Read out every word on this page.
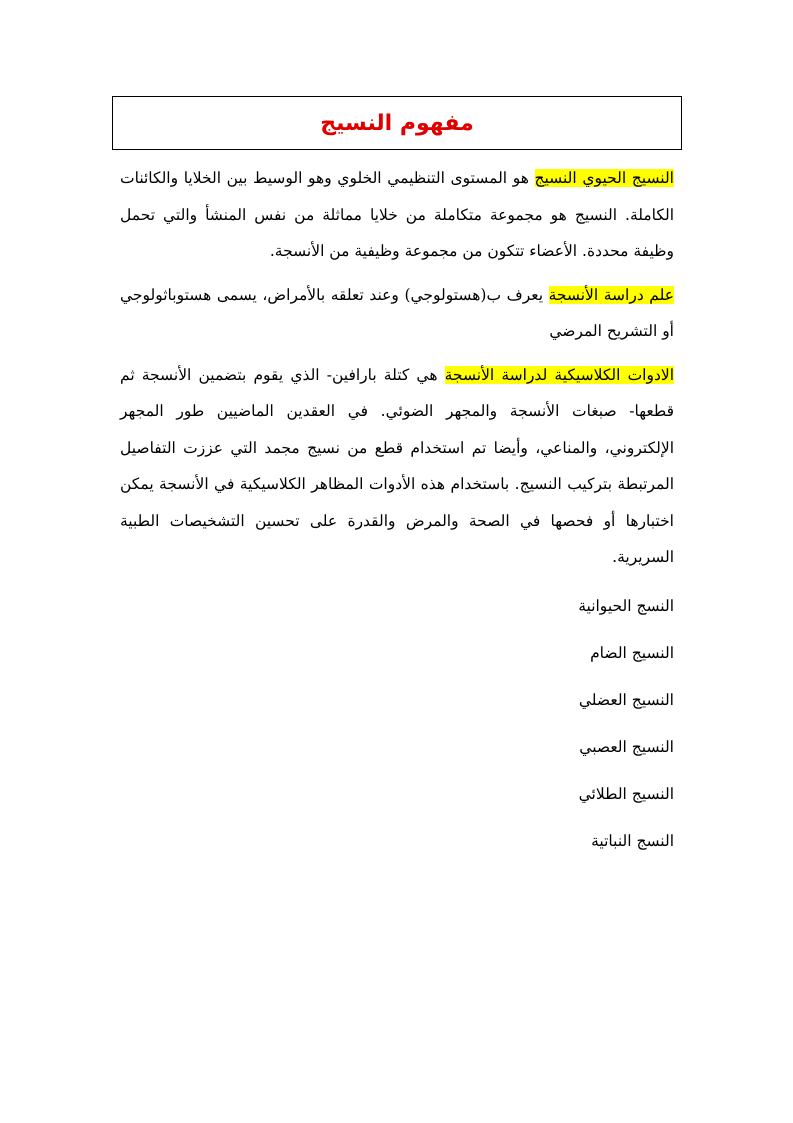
مفهوم النسيج

النسيج الحيوي النسيج هو المستوى التنظيمي الخلوي وهو الوسيط بين الخلايا والكائنات الكاملة. النسيج هو مجموعة متكاملة من خلايا مماثلة من نفس المنشأ والتي تحمل وظيفة محددة. الأعضاء تتكون من مجموعة وظيفية من الأنسجة.

علم دراسة الأنسجة يعرف ب(هستولوجي) وعند تعلقه بالأمراض، يسمى هستوباثولوجي أو التشريح المرضي

الادوات الكلاسيكية لدراسة الأنسجة هي كتلة بارافين- الذي يقوم بتضمين الأنسجة ثم قطعها- صبغات الأنسجة والمجهر الضوئي. في العقدين الماضيين طور المجهر الإلكتروني، والمناعي، وأيضا تم استخدام قطع من نسيج مجمد التي عززت التفاصيل المرتبطة بتركيب النسيج. باستخدام هذه الأدوات المظاهر الكلاسيكية في الأنسجة يمكن اختبارها أو فحصها في الصحة والمرض والقدرة على تحسين التشخيصات الطبية السريرية.

النسج الحيوانية
النسيج الضام
النسيج العضلي
النسيج العصبي
النسيج الطلائي
النسج النباتية
